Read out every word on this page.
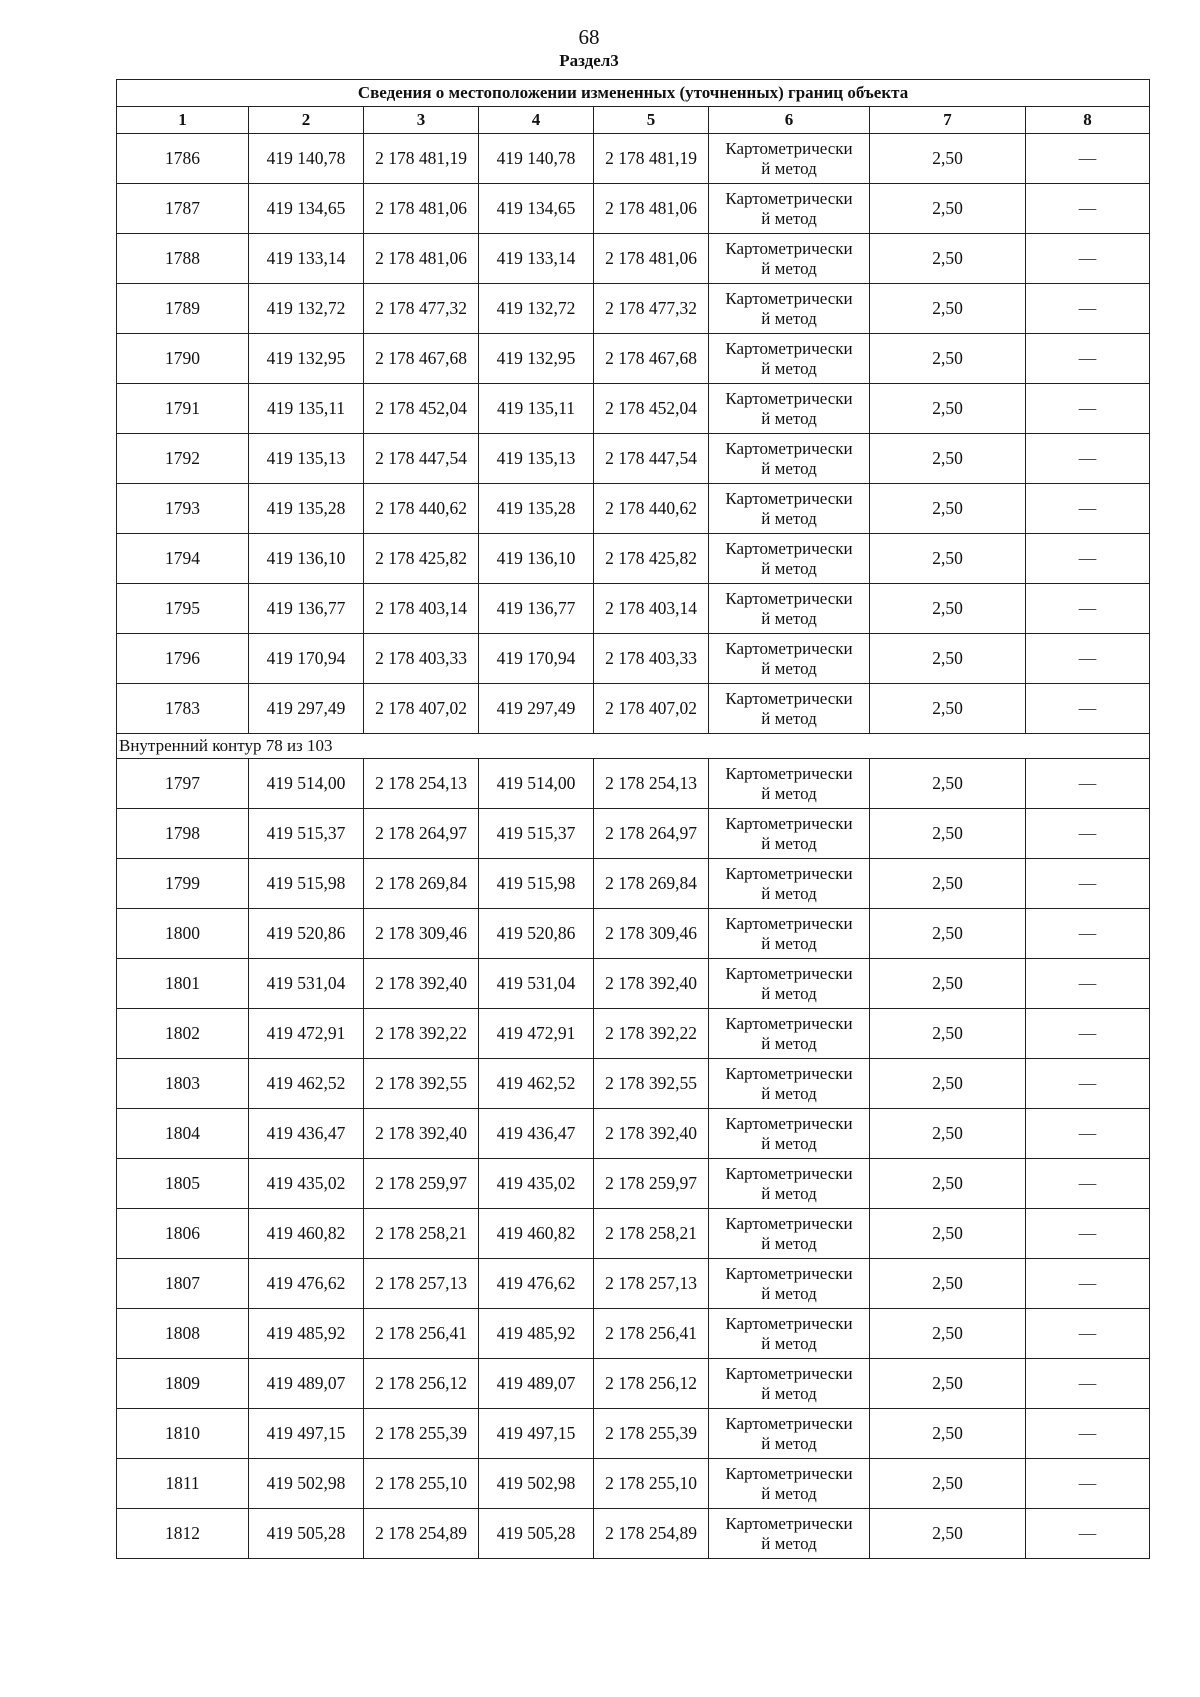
68
Раздел3
Сведения о местоположении измененных (уточненных) границ объекта							
1	2	3	4	5	6	7	8
1786	419 140,78	2 178 481,19	419 140,78	2 178 481,19	Картометрически
й метод	2,50	—
1787	419 134,65	2 178 481,06	419 134,65	2 178 481,06	Картометрически
й метод	2,50	—
1788	419 133,14	2 178 481,06	419 133,14	2 178 481,06	Картометрически
й метод	2,50	—
1789	419 132,72	2 178 477,32	419 132,72	2 178 477,32	Картометрически
й метод	2,50	—
1790	419 132,95	2 178 467,68	419 132,95	2 178 467,68	Картометрически
й метод	2,50	—
1791	419 135,11	2 178 452,04	419 135,11	2 178 452,04	Картометрически
й метод	2,50	—
1792	419 135,13	2 178 447,54	419 135,13	2 178 447,54	Картометрически
й метод	2,50	—
1793	419 135,28	2 178 440,62	419 135,28	2 178 440,62	Картометрически
й метод	2,50	—
1794	419 136,10	2 178 425,82	419 136,10	2 178 425,82	Картометрически
й метод	2,50	—
1795	419 136,77	2 178 403,14	419 136,77	2 178 403,14	Картометрически
й метод	2,50	—
1796	419 170,94	2 178 403,33	419 170,94	2 178 403,33	Картометрически
й метод	2,50	—
1783	419 297,49	2 178 407,02	419 297,49	2 178 407,02	Картометрически
й метод	2,50	—
Внутренний контур 78 из 103							
1797	419 514,00	2 178 254,13	419 514,00	2 178 254,13	Картометрически
й метод	2,50	—
1798	419 515,37	2 178 264,97	419 515,37	2 178 264,97	Картометрически
й метод	2,50	—
1799	419 515,98	2 178 269,84	419 515,98	2 178 269,84	Картометрически
й метод	2,50	—
1800	419 520,86	2 178 309,46	419 520,86	2 178 309,46	Картометрически
й метод	2,50	—
1801	419 531,04	2 178 392,40	419 531,04	2 178 392,40	Картометрически
й метод	2,50	—
1802	419 472,91	2 178 392,22	419 472,91	2 178 392,22	Картометрически
й метод	2,50	—
1803	419 462,52	2 178 392,55	419 462,52	2 178 392,55	Картометрически
й метод	2,50	—
1804	419 436,47	2 178 392,40	419 436,47	2 178 392,40	Картометрически
й метод	2,50	—
1805	419 435,02	2 178 259,97	419 435,02	2 178 259,97	Картометрически
й метод	2,50	—
1806	419 460,82	2 178 258,21	419 460,82	2 178 258,21	Картометрически
й метод	2,50	—
1807	419 476,62	2 178 257,13	419 476,62	2 178 257,13	Картометрически
й метод	2,50	—
1808	419 485,92	2 178 256,41	419 485,92	2 178 256,41	Картометрически
й метод	2,50	—
1809	419 489,07	2 178 256,12	419 489,07	2 178 256,12	Картометрически
й метод	2,50	—
1810	419 497,15	2 178 255,39	419 497,15	2 178 255,39	Картометрически
й метод	2,50	—
1811	419 502,98	2 178 255,10	419 502,98	2 178 255,10	Картометрически
й метод	2,50	—
1812	419 505,28	2 178 254,89	419 505,28	2 178 254,89	Картометрически
й метод	2,50	—
